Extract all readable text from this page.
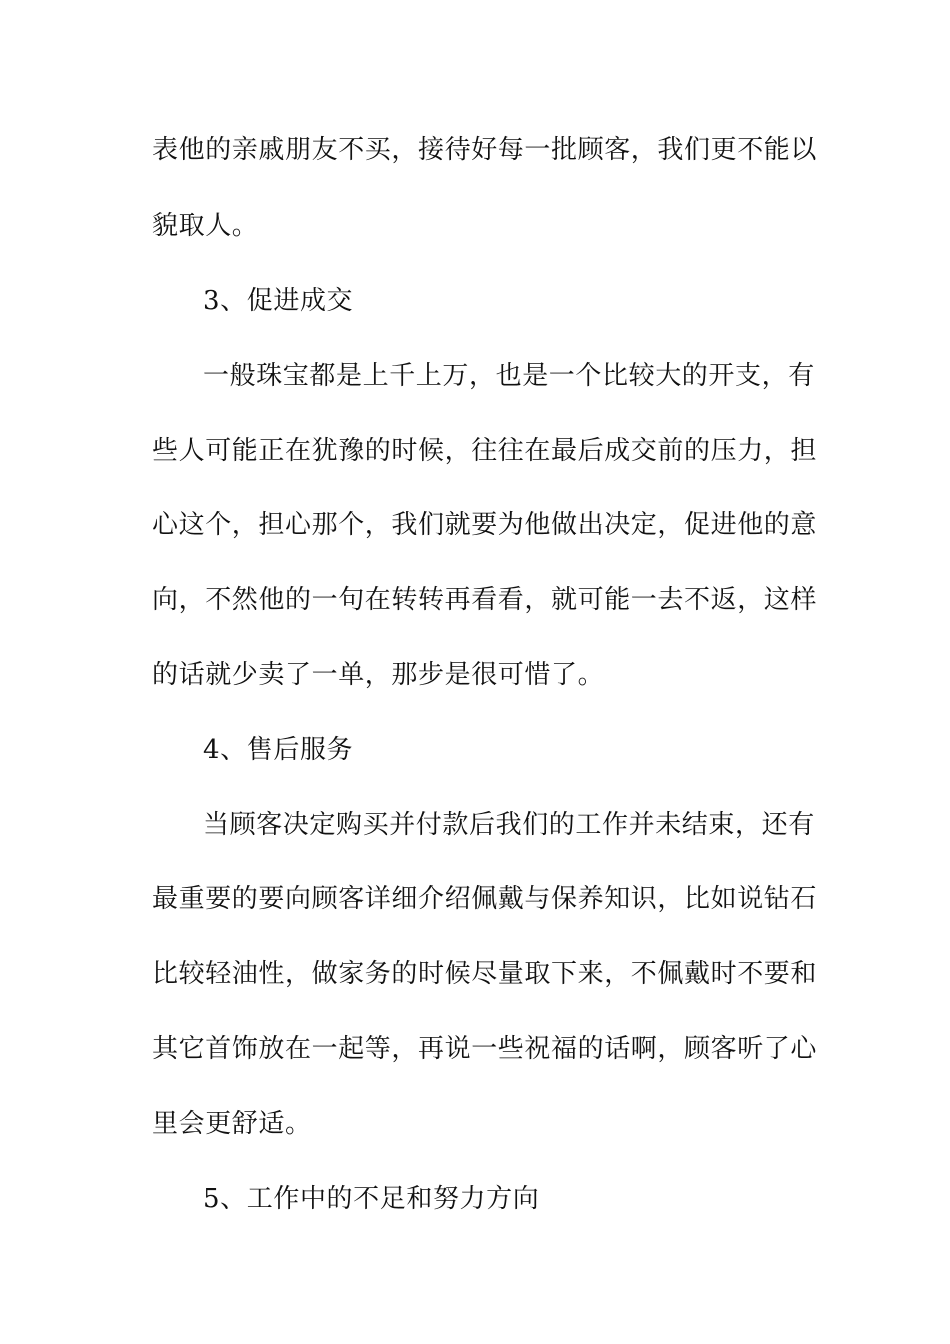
表他的亲戚朋友不买，接待好每一批顾客，我们更不能以
貌取人。
3、促进成交
一般珠宝都是上千上万，也是一个比较大的开支，有
些人可能正在犹豫的时候，往往在最后成交前的压力，担
心这个，担心那个，我们就要为他做出决定，促进他的意
向，不然他的一句在转转再看看，就可能一去不返，这样
的话就少卖了一单，那步是很可惜了。
4、售后服务
当顾客决定购买并付款后我们的工作并未结束，还有
最重要的要向顾客详细介绍佩戴与保养知识，比如说钻石
比较轻油性，做家务的时候尽量取下来，不佩戴时不要和
其它首饰放在一起等，再说一些祝福的话啊，顾客听了心
里会更舒适。
5、工作中的不足和努力方向
